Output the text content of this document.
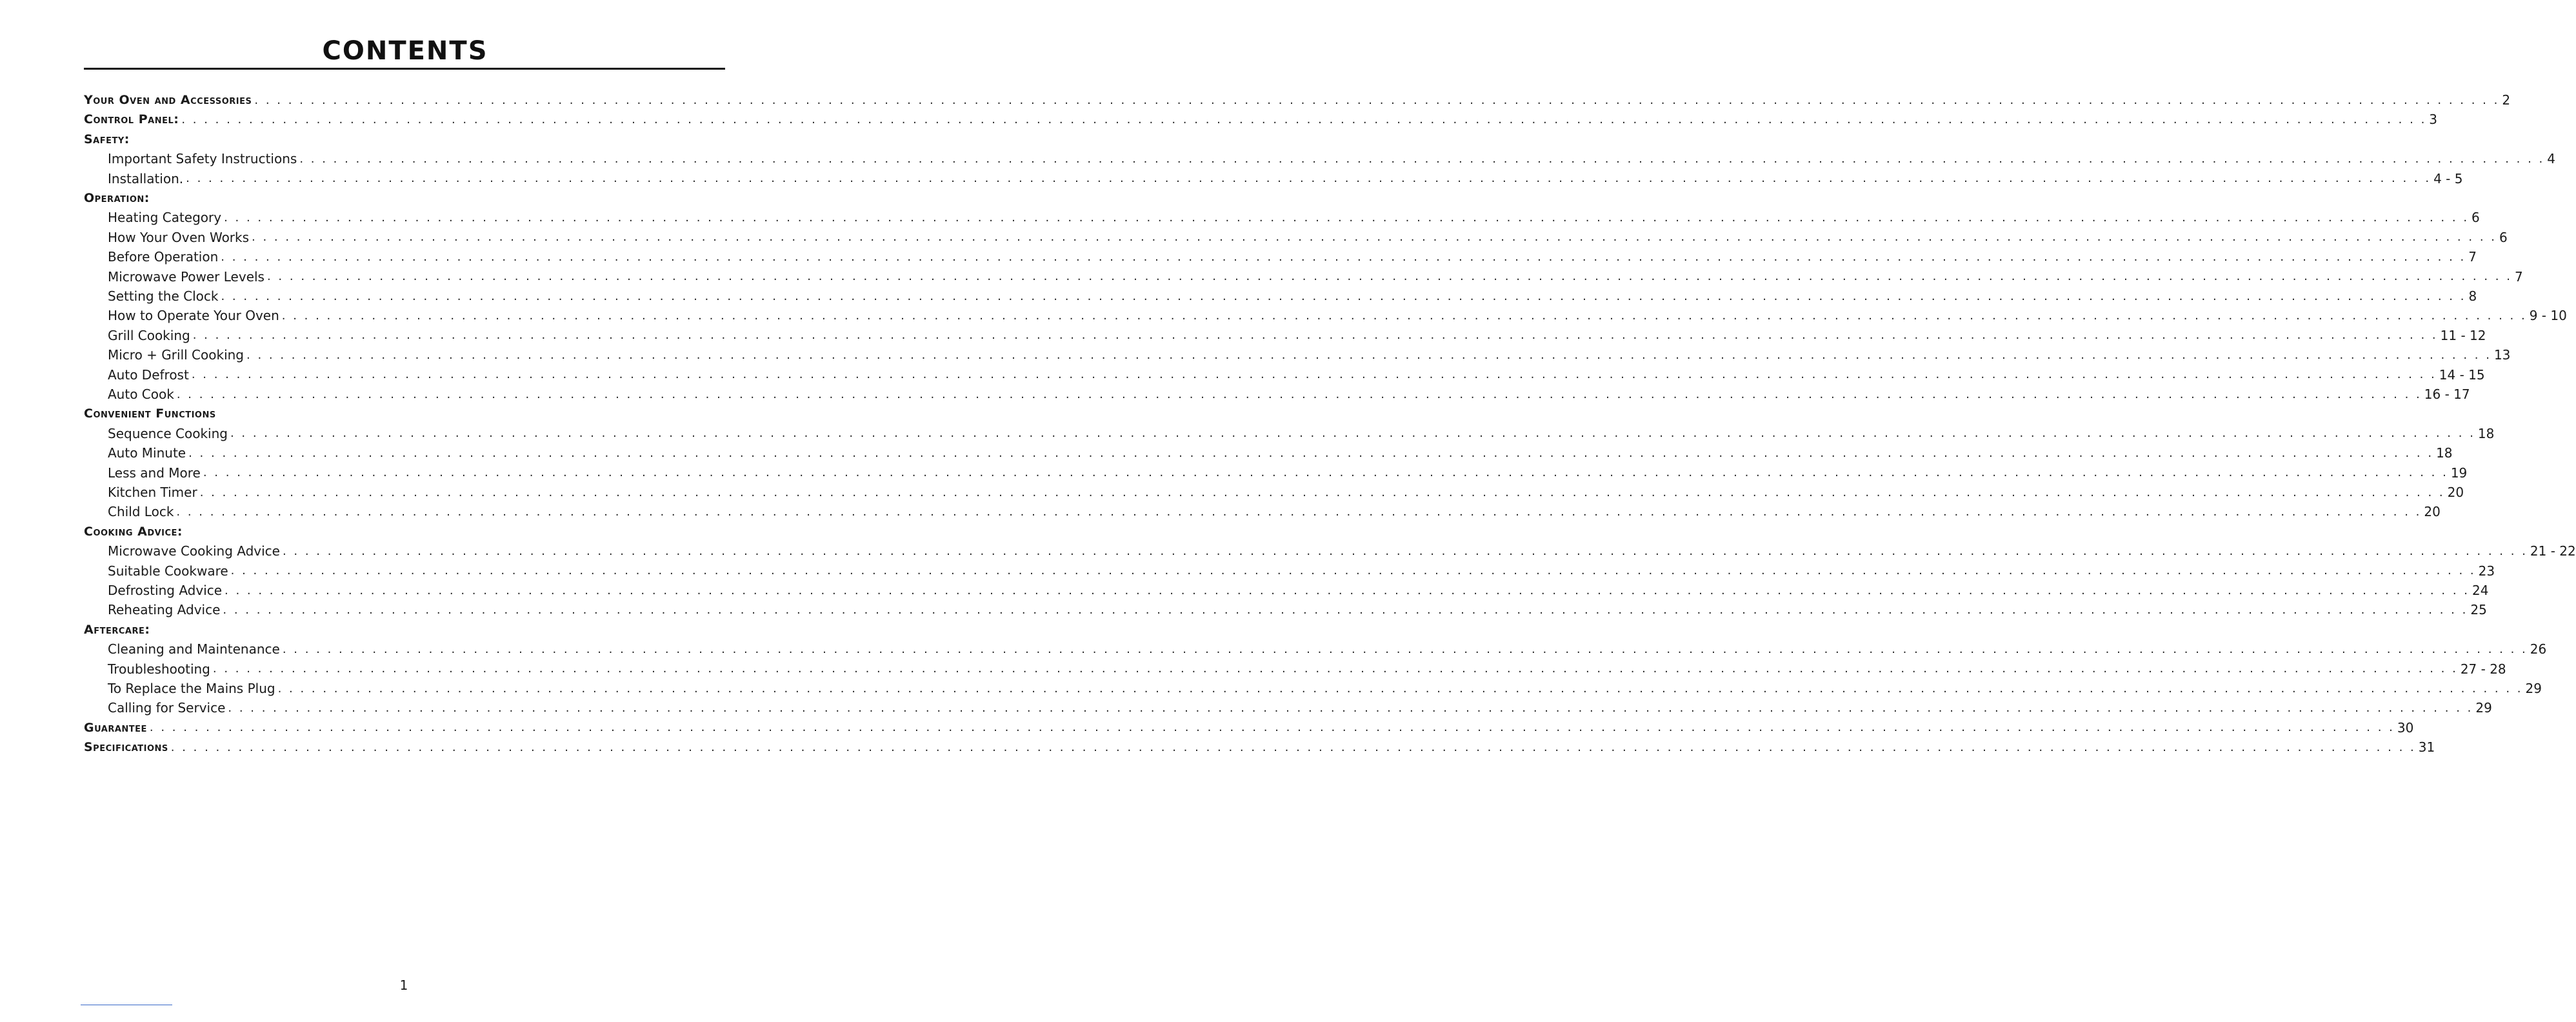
CONTENTS
Your Oven and Accessories . . . . . . . . . . . . . . . . . . . . . . . . . . . . . . . . . . . . . . . . . . . . . . . . . . . . . . . . . . . . . . . . . . . . . . . . . . . . . . . . . . . . . . . . . . . . . . . . . . . . . . . . . . . . . . . . . . . . . . . . . . . . . . . . . . . . . . . . . . . . . . . . . . . . . . . . . . . . . . . . . . . . . . . . . . . . . . . . . . . . . . . . . . . . . . . . . . . . . . . . 2
Control Panel: . . . . . . . . . . . . . . . . . . . . . . . . . . . . . . . . . . . . . . . . . . . . . . . . . . . . . . . . . . . . . . . . . . . . . . . . . . . . . . . . . . . . . . . . . . . . . . . . . . . . . . . . . . . . . . . . . . . . . . . . . . . . . . . . . . . . . . . . . . . . . . . . . . . . . . . . . . . . . . . . . . . . . . . . . . . . . . . . . . . . . . . . . . . . . . . . . . . . . . . . 3
Safety:
Important Safety Instructions . . . . . . . . . . . . . . . . . . . . . . . . . . . . . . . . . . . . . . . . . . . . . . . . . . . . . . . . . . . . . . . . . . . . . . . . . . . . . . . . . . . . . . . . . . . . . . . . . . . . . . . . . . . . . . . . . . . . . . . . . . . . . . . . . . . . . . . . . . . . . . . . . . . . . . . . . . . . . . . . . . . . . . . . . . . . . . . . . . . . . . . . . . . . . . . . . . . . . . . . 4
Installation. . . . . . . . . . . . . . . . . . . . . . . . . . . . . . . . . . . . . . . . . . . . . . . . . . . . . . . . . . . . . . . . . . . . . . . . . . . . . . . . . . . . . . . . . . . . . . . . . . . . . . . . . . . . . . . . . . . . . . . . . . . . . . . . . . . . . . . . . . . . . . . . . . . . . . . . . . . . . . . . . . . . . . . . . . . . . . . . . . . . . . . . . . . . . . . . . . . . . . . . . 4 - 5
Operation:
Heating Category . . . . . . . . . . . . . . . . . . . . . . . . . . . . . . . . . . . . . . . . . . . . . . . . . . . . . . . . . . . . . . . . . . . . . . . . . . . . . . . . . . . . . . . . . . . . . . . . . . . . . . . . . . . . . . . . . . . . . . . . . . . . . . . . . . . . . . . . . . . . . . . . . . . . . . . . . . . . . . . . . . . . . . . . . . . . . . . . . . . . . . . . . . . . . . . . . . . . . . . . 6
How Your Oven Works . . . . . . . . . . . . . . . . . . . . . . . . . . . . . . . . . . . . . . . . . . . . . . . . . . . . . . . . . . . . . . . . . . . . . . . . . . . . . . . . . . . . . . . . . . . . . . . . . . . . . . . . . . . . . . . . . . . . . . . . . . . . . . . . . . . . . . . . . . . . . . . . . . . . . . . . . . . . . . . . . . . . . . . . . . . . . . . . . . . . . . . . . . . . . . . . . . . . . . . . 6
Before Operation . . . . . . . . . . . . . . . . . . . . . . . . . . . . . . . . . . . . . . . . . . . . . . . . . . . . . . . . . . . . . . . . . . . . . . . . . . . . . . . . . . . . . . . . . . . . . . . . . . . . . . . . . . . . . . . . . . . . . . . . . . . . . . . . . . . . . . . . . . . . . . . . . . . . . . . . . . . . . . . . . . . . . . . . . . . . . . . . . . . . . . . . . . . . . . . . . . . . . . . . 7
Microwave Power Levels . . . . . . . . . . . . . . . . . . . . . . . . . . . . . . . . . . . . . . . . . . . . . . . . . . . . . . . . . . . . . . . . . . . . . . . . . . . . . . . . . . . . . . . . . . . . . . . . . . . . . . . . . . . . . . . . . . . . . . . . . . . . . . . . . . . . . . . . . . . . . . . . . . . . . . . . . . . . . . . . . . . . . . . . . . . . . . . . . . . . . . . . . . . . . . . . . . . . . . . . 7
Setting the Clock . . . . . . . . . . . . . . . . . . . . . . . . . . . . . . . . . . . . . . . . . . . . . . . . . . . . . . . . . . . . . . . . . . . . . . . . . . . . . . . . . . . . . . . . . . . . . . . . . . . . . . . . . . . . . . . . . . . . . . . . . . . . . . . . . . . . . . . . . . . . . . . . . . . . . . . . . . . . . . . . . . . . . . . . . . . . . . . . . . . . . . . . . . . . . . . . . . . . . . . . 8
How to Operate Your Oven . . . . . . . . . . . . . . . . . . . . . . . . . . . . . . . . . . . . . . . . . . . . . . . . . . . . . . . . . . . . . . . . . . . . . . . . . . . . . . . . . . . . . . . . . . . . . . . . . . . . . . . . . . . . . . . . . . . . . . . . . . . . . . . . . . . . . . . . . . . . . . . . . . . . . . . . . . . . . . . . . . . . . . . . . . . . . . . . . . . . . . . . . . . . . . . . . . . . . . . . 9 - 10
Grill Cooking . . . . . . . . . . . . . . . . . . . . . . . . . . . . . . . . . . . . . . . . . . . . . . . . . . . . . . . . . . . . . . . . . . . . . . . . . . . . . . . . . . . . . . . . . . . . . . . . . . . . . . . . . . . . . . . . . . . . . . . . . . . . . . . . . . . . . . . . . . . . . . . . . . . . . . . . . . . . . . . . . . . . . . . . . . . . . . . . . . . . . . . . . . . . . . . . . . . . . . . . 11 - 12
Micro + Grill Cooking . . . . . . . . . . . . . . . . . . . . . . . . . . . . . . . . . . . . . . . . . . . . . . . . . . . . . . . . . . . . . . . . . . . . . . . . . . . . . . . . . . . . . . . . . . . . . . . . . . . . . . . . . . . . . . . . . . . . . . . . . . . . . . . . . . . . . . . . . . . . . . . . . . . . . . . . . . . . . . . . . . . . . . . . . . . . . . . . . . . . . . . . . . . . . . . . . . . . . . . . 13
Auto Defrost . . . . . . . . . . . . . . . . . . . . . . . . . . . . . . . . . . . . . . . . . . . . . . . . . . . . . . . . . . . . . . . . . . . . . . . . . . . . . . . . . . . . . . . . . . . . . . . . . . . . . . . . . . . . . . . . . . . . . . . . . . . . . . . . . . . . . . . . . . . . . . . . . . . . . . . . . . . . . . . . . . . . . . . . . . . . . . . . . . . . . . . . . . . . . . . . . . . . . . . . 14 - 15
Auto Cook . . . . . . . . . . . . . . . . . . . . . . . . . . . . . . . . . . . . . . . . . . . . . . . . . . . . . . . . . . . . . . . . . . . . . . . . . . . . . . . . . . . . . . . . . . . . . . . . . . . . . . . . . . . . . . . . . . . . . . . . . . . . . . . . . . . . . . . . . . . . . . . . . . . . . . . . . . . . . . . . . . . . . . . . . . . . . . . . . . . . . . . . . . . . . . . . . . . . . . . . 16 - 17
Convenient Functions
Sequence Cooking . . . . . . . . . . . . . . . . . . . . . . . . . . . . . . . . . . . . . . . . . . . . . . . . . . . . . . . . . . . . . . . . . . . . . . . . . . . . . . . . . . . . . . . . . . . . . . . . . . . . . . . . . . . . . . . . . . . . . . . . . . . . . . . . . . . . . . . . . . . . . . . . . . . . . . . . . . . . . . . . . . . . . . . . . . . . . . . . . . . . . . . . . . . . . . . . . . . . . . . . 18
Auto Minute . . . . . . . . . . . . . . . . . . . . . . . . . . . . . . . . . . . . . . . . . . . . . . . . . . . . . . . . . . . . . . . . . . . . . . . . . . . . . . . . . . . . . . . . . . . . . . . . . . . . . . . . . . . . . . . . . . . . . . . . . . . . . . . . . . . . . . . . . . . . . . . . . . . . . . . . . . . . . . . . . . . . . . . . . . . . . . . . . . . . . . . . . . . . . . . . . . . . . . . . 18
Less and More . . . . . . . . . . . . . . . . . . . . . . . . . . . . . . . . . . . . . . . . . . . . . . . . . . . . . . . . . . . . . . . . . . . . . . . . . . . . . . . . . . . . . . . . . . . . . . . . . . . . . . . . . . . . . . . . . . . . . . . . . . . . . . . . . . . . . . . . . . . . . . . . . . . . . . . . . . . . . . . . . . . . . . . . . . . . . . . . . . . . . . . . . . . . . . . . . . . . . . . . 19
Kitchen Timer . . . . . . . . . . . . . . . . . . . . . . . . . . . . . . . . . . . . . . . . . . . . . . . . . . . . . . . . . . . . . . . . . . . . . . . . . . . . . . . . . . . . . . . . . . . . . . . . . . . . . . . . . . . . . . . . . . . . . . . . . . . . . . . . . . . . . . . . . . . . . . . . . . . . . . . . . . . . . . . . . . . . . . . . . . . . . . . . . . . . . . . . . . . . . . . . . . . . . . . . 20
Child Lock . . . . . . . . . . . . . . . . . . . . . . . . . . . . . . . . . . . . . . . . . . . . . . . . . . . . . . . . . . . . . . . . . . . . . . . . . . . . . . . . . . . . . . . . . . . . . . . . . . . . . . . . . . . . . . . . . . . . . . . . . . . . . . . . . . . . . . . . . . . . . . . . . . . . . . . . . . . . . . . . . . . . . . . . . . . . . . . . . . . . . . . . . . . . . . . . . . . . . . . . 20
Cooking Advice:
Microwave Cooking Advice . . . . . . . . . . . . . . . . . . . . . . . . . . . . . . . . . . . . . . . . . . . . . . . . . . . . . . . . . . . . . . . . . . . . . . . . . . . . . . . . . . . . . . . . . . . . . . . . . . . . . . . . . . . . . . . . . . . . . . . . . . . . . . . . . . . . . . . . . . . . . . . . . . . . . . . . . . . . . . . . . . . . . . . . . . . . . . . . . . . . . . . . . . . . . . . . . . . . . . . . 21 - 22
Suitable Cookware . . . . . . . . . . . . . . . . . . . . . . . . . . . . . . . . . . . . . . . . . . . . . . . . . . . . . . . . . . . . . . . . . . . . . . . . . . . . . . . . . . . . . . . . . . . . . . . . . . . . . . . . . . . . . . . . . . . . . . . . . . . . . . . . . . . . . . . . . . . . . . . . . . . . . . . . . . . . . . . . . . . . . . . . . . . . . . . . . . . . . . . . . . . . . . . . . . . . . . . . 23
Defrosting Advice . . . . . . . . . . . . . . . . . . . . . . . . . . . . . . . . . . . . . . . . . . . . . . . . . . . . . . . . . . . . . . . . . . . . . . . . . . . . . . . . . . . . . . . . . . . . . . . . . . . . . . . . . . . . . . . . . . . . . . . . . . . . . . . . . . . . . . . . . . . . . . . . . . . . . . . . . . . . . . . . . . . . . . . . . . . . . . . . . . . . . . . . . . . . . . . . . . . . . . . . 24
Reheating Advice . . . . . . . . . . . . . . . . . . . . . . . . . . . . . . . . . . . . . . . . . . . . . . . . . . . . . . . . . . . . . . . . . . . . . . . . . . . . . . . . . . . . . . . . . . . . . . . . . . . . . . . . . . . . . . . . . . . . . . . . . . . . . . . . . . . . . . . . . . . . . . . . . . . . . . . . . . . . . . . . . . . . . . . . . . . . . . . . . . . . . . . . . . . . . . . . . . . . . . . . 25
Aftercare:
Cleaning and Maintenance . . . . . . . . . . . . . . . . . . . . . . . . . . . . . . . . . . . . . . . . . . . . . . . . . . . . . . . . . . . . . . . . . . . . . . . . . . . . . . . . . . . . . . . . . . . . . . . . . . . . . . . . . . . . . . . . . . . . . . . . . . . . . . . . . . . . . . . . . . . . . . . . . . . . . . . . . . . . . . . . . . . . . . . . . . . . . . . . . . . . . . . . . . . . . . . . . . . . . . . . 26
Troubleshooting . . . . . . . . . . . . . . . . . . . . . . . . . . . . . . . . . . . . . . . . . . . . . . . . . . . . . . . . . . . . . . . . . . . . . . . . . . . . . . . . . . . . . . . . . . . . . . . . . . . . . . . . . . . . . . . . . . . . . . . . . . . . . . . . . . . . . . . . . . . . . . . . . . . . . . . . . . . . . . . . . . . . . . . . . . . . . . . . . . . . . . . . . . . . . . . . . . . . . . . . 27 - 28
To Replace the Mains Plug . . . . . . . . . . . . . . . . . . . . . . . . . . . . . . . . . . . . . . . . . . . . . . . . . . . . . . . . . . . . . . . . . . . . . . . . . . . . . . . . . . . . . . . . . . . . . . . . . . . . . . . . . . . . . . . . . . . . . . . . . . . . . . . . . . . . . . . . . . . . . . . . . . . . . . . . . . . . . . . . . . . . . . . . . . . . . . . . . . . . . . . . . . . . . . . . . . . . . . . . 29
Calling for Service . . . . . . . . . . . . . . . . . . . . . . . . . . . . . . . . . . . . . . . . . . . . . . . . . . . . . . . . . . . . . . . . . . . . . . . . . . . . . . . . . . . . . . . . . . . . . . . . . . . . . . . . . . . . . . . . . . . . . . . . . . . . . . . . . . . . . . . . . . . . . . . . . . . . . . . . . . . . . . . . . . . . . . . . . . . . . . . . . . . . . . . . . . . . . . . . . . . . . . . . 29
Guarantee . . . . . . . . . . . . . . . . . . . . . . . . . . . . . . . . . . . . . . . . . . . . . . . . . . . . . . . . . . . . . . . . . . . . . . . . . . . . . . . . . . . . . . . . . . . . . . . . . . . . . . . . . . . . . . . . . . . . . . . . . . . . . . . . . . . . . . . . . . . . . . . . . . . . . . . . . . . . . . . . . . . . . . . . . . . . . . . . . . . . . . . . . . . . . . . . . . . . . . . . 30
Specifications . . . . . . . . . . . . . . . . . . . . . . . . . . . . . . . . . . . . . . . . . . . . . . . . . . . . . . . . . . . . . . . . . . . . . . . . . . . . . . . . . . . . . . . . . . . . . . . . . . . . . . . . . . . . . . . . . . . . . . . . . . . . . . . . . . . . . . . . . . . . . . . . . . . . . . . . . . . . . . . . . . . . . . . . . . . . . . . . . . . . . . . . . . . . . . . . . . . . . . . . 31
1
